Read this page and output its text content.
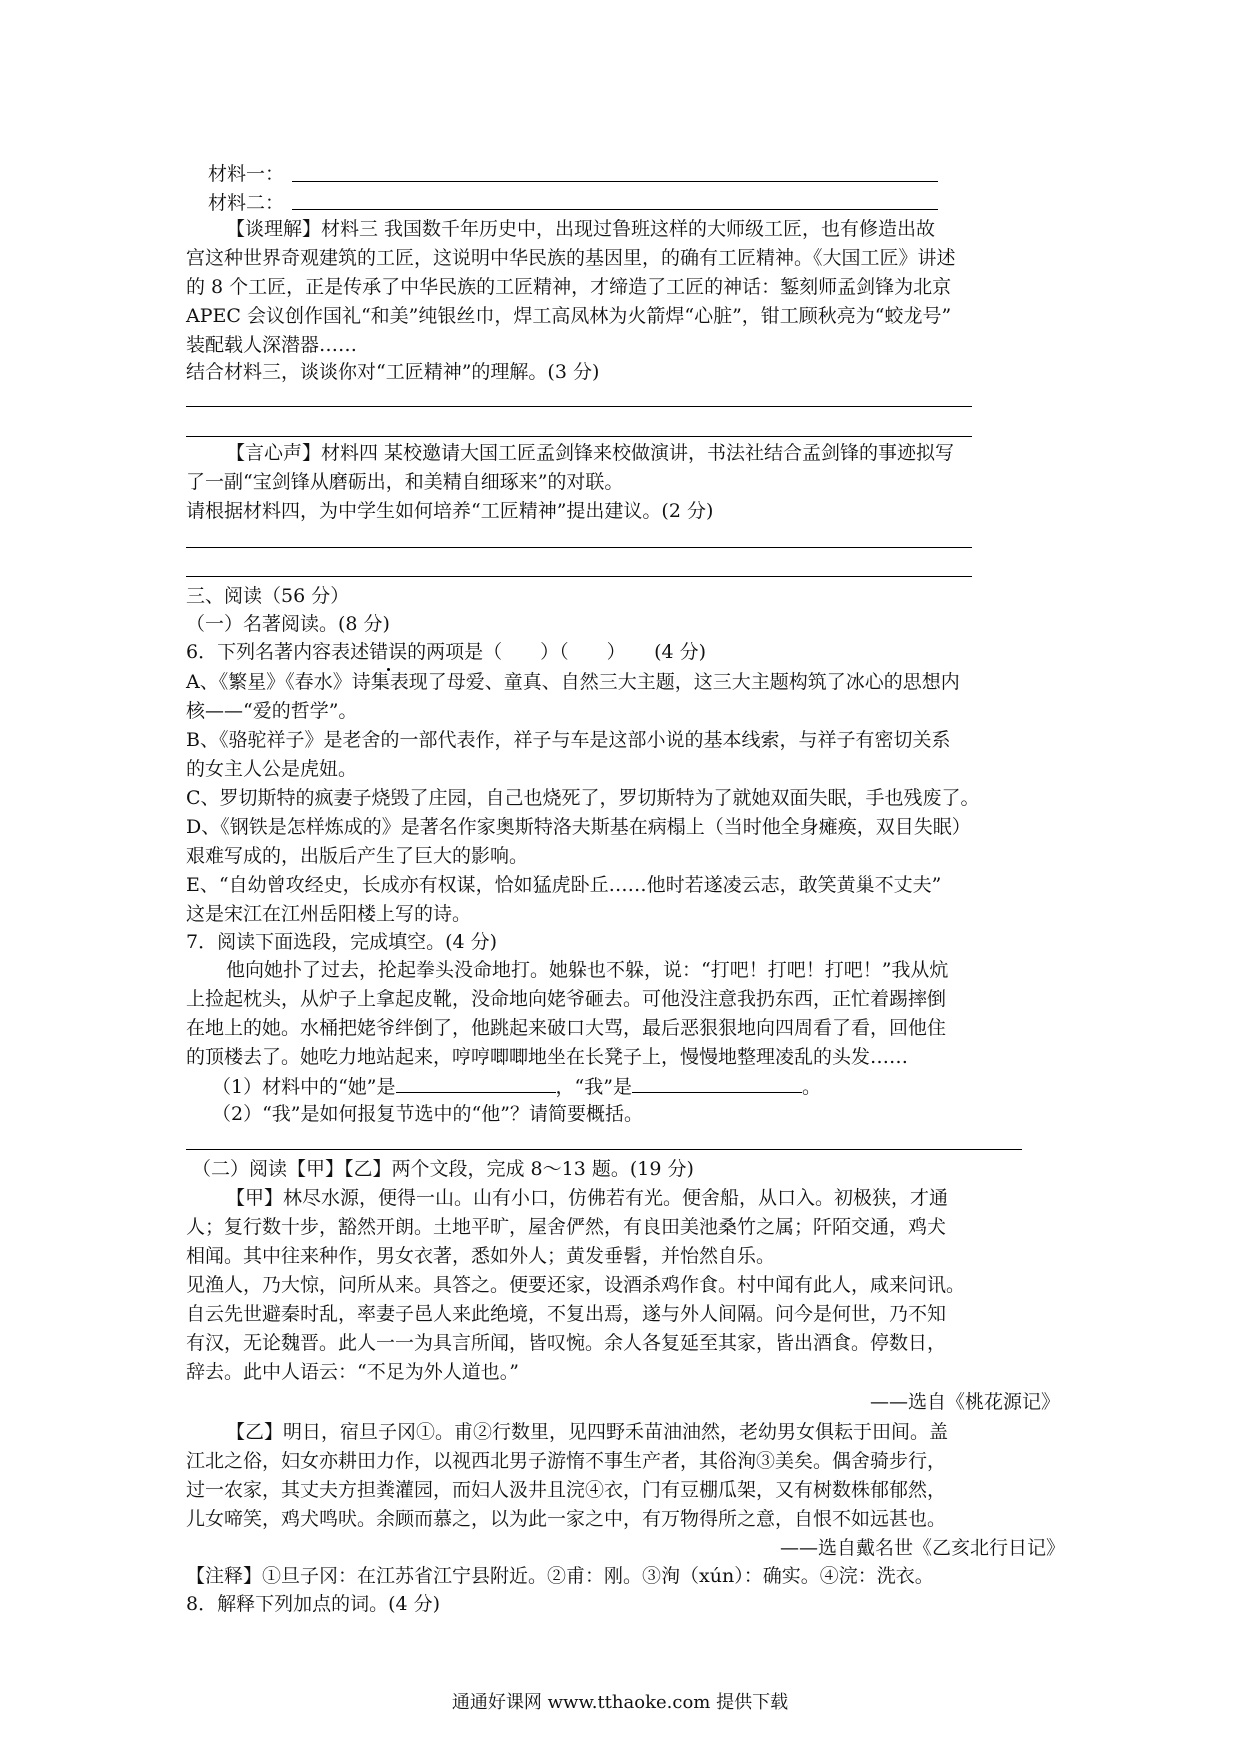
材料一：
材料二：
【谈理解】材料三 我国数千年历史中，出现过鲁班这样的大师级工匠，也有修造出故
宫这种世界奇观建筑的工匠，这说明中华民族的基因里，的确有工匠精神。《大国工匠》讲述
的 8 个工匠，正是传承了中华民族的工匠精神，才缔造了工匠的神话：錾刻师孟剑锋为北京
APEC 会议创作国礼“和美”纯银丝巾，焊工高凤林为火箭焊“心脏”，钳工顾秋亮为“蛟龙号”
装配载人深潜器……
结合材料三，谈谈你对“工匠精神”的理解。(3 分)
【言心声】材料四 某校邀请大国工匠孟剑锋来校做演讲，书法社结合孟剑锋的事迹拟写
了一副“宝剑锋从磨砺出，和美精自细琢来”的对联。
请根据材料四，为中学生如何培养“工匠精神”提出建议。(2 分)
三、阅读（56 分）
（一）名著阅读。(8 分)
6．下列名著内容表述错误的两项是（　　）（　　）　　(4 分)
A、《繁星》《春水》诗集表现了母爱、童真、自然三大主题，这三大主题构筑了冰心的思想内
核——“爱的哲学”。
B、《骆驼祥子》是老舍的一部代表作，祥子与车是这部小说的基本线索，与祥子有密切关系
的女主人公是虎妞。
C、罗切斯特的疯妻子烧毁了庄园，自己也烧死了，罗切斯特为了就她双面失眠，手也残废了。
D、《钢铁是怎样炼成的》是著名作家奥斯特洛夫斯基在病榻上（当时他全身瘫痪，双目失眠）
艰难写成的，出版后产生了巨大的影响。
E、“自幼曾攻经史，长成亦有权谋，恰如猛虎卧丘……他时若遂凌云志，敢笑黄巢不丈夫”
这是宋江在江州岳阳楼上写的诗。
7．阅读下面选段，完成填空。(4 分)
他向她扑了过去，抡起拳头没命地打。她躲也不躲，说：“打吧！打吧！打吧！”我从炕
上捡起枕头，从炉子上拿起皮靴，没命地向姥爷砸去。可他没注意我扔东西，正忙着踢摔倒
在地上的她。水桶把姥爷绊倒了，他跳起来破口大骂，最后恶狠狠地向四周看了看，回他住
的顶楼去了。她吃力地站起来，哼哼唧唧地坐在长凳子上，慢慢地整理凌乱的头发……
（1）材料中的“她”是	，“我”是	。
（2）“我”是如何报复节选中的“他”？请简要概括。
（二）阅读【甲】【乙】两个文段，完成 8～13 题。(19 分)
【甲】林尽水源，便得一山。山有小口，仿佛若有光。便舍船，从口入。初极狭，才通
人；复行数十步，豁然开朗。土地平旷，屋舍俨然，有良田美池桑竹之属；阡陌交通，鸡犬
相闻。其中往来种作，男女衣著，悉如外人；黄发垂髫，并怡然自乐。
见渔人，乃大惊，问所从来。具答之。便要还家，设酒杀鸡作食。村中闻有此人，咸来问讯。
自云先世避秦时乱，率妻子邑人来此绝境，不复出焉，遂与外人间隔。问今是何世，乃不知
有汉，无论魏晋。此人一一为具言所闻，皆叹惋。余人各复延至其家，皆出酒食。停数日，
辞去。此中人语云：“不足为外人道也。”
——选自《桃花源记》
【乙】明日，宿旦子冈①。甫②行数里，见四野禾苗油油然，老幼男女俱耘于田间。盖
江北之俗，妇女亦耕田力作，以视西北男子游惰不事生产者，其俗洵③美矣。偶舍骑步行，
过一农家，其丈夫方担粪灌园，而妇人汲井且浣④衣，门有豆棚瓜架，又有树数株郁郁然，
儿女啼笑，鸡犬鸣吠。余顾而慕之，以为此一家之中，有万物得所之意，自恨不如远甚也。
——选自戴名世《乙亥北行日记》
【注释】①旦子冈：在江苏省江宁县附近。②甫：刚。③洵（xún）：确实。④浣：洗衣。
8．解释下列加点的词。(4 分)
通通好课网 www.tthaoke.com 提供下载
